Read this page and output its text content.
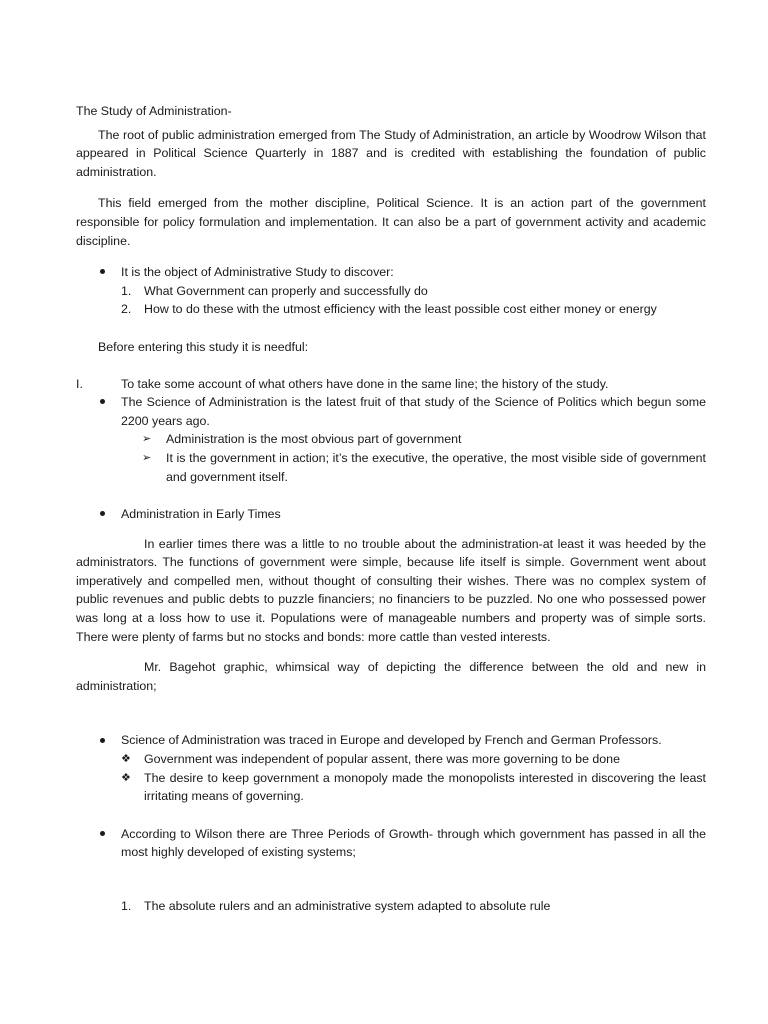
The Study of Administration-

The root of public administration emerged from The Study of Administration, an article by Woodrow Wilson that appeared in Political Science Quarterly in 1887 and is credited with establishing the foundation of public administration.

This field emerged from the mother discipline, Political Science. It is an action part of the government responsible for policy formulation and implementation. It can also be a part of government activity and academic discipline.

It is the object of Administrative Study to discover:
1. What Government can properly and successfully do
2. How to do these with the utmost efficiency with the least possible cost either money or energy

Before entering this study it is needful:

I.	To take some account of what others have done in the same line; the history of the study.
The Science of Administration is the latest fruit of that study of the Science of Politics which begun some 2200 years ago.
➢ Administration is the most obvious part of government
➢ It is the government in action; it’s the executive, the operative, the most visible side of government and government itself.
Administration in Early Times

In earlier times there was a little to no trouble about the administration-at least it was heeded by the administrators. The functions of government were simple, because life itself is simple. Government went about imperatively and compelled men, without thought of consulting their wishes. There was no complex system of public revenues and public debts to puzzle financiers; no financiers to be puzzled. No one who possessed power was long at a loss how to use it. Populations were of manageable numbers and property was of simple sorts. There were plenty of farms but no stocks and bonds: more cattle than vested interests.

Mr. Bagehot graphic, whimsical way of depicting the difference between the old and new in administration;

Science of Administration was traced in Europe and developed by French and German Professors.
❖ Government was independent of popular assent, there was more governing to be done
❖ The desire to keep government a monopoly made the monopolists interested in discovering the least irritating means of governing.
According to Wilson there are Three Periods of Growth- through which government has passed in all the most highly developed of existing systems;
1. The absolute rulers and an administrative system adapted to absolute rule
